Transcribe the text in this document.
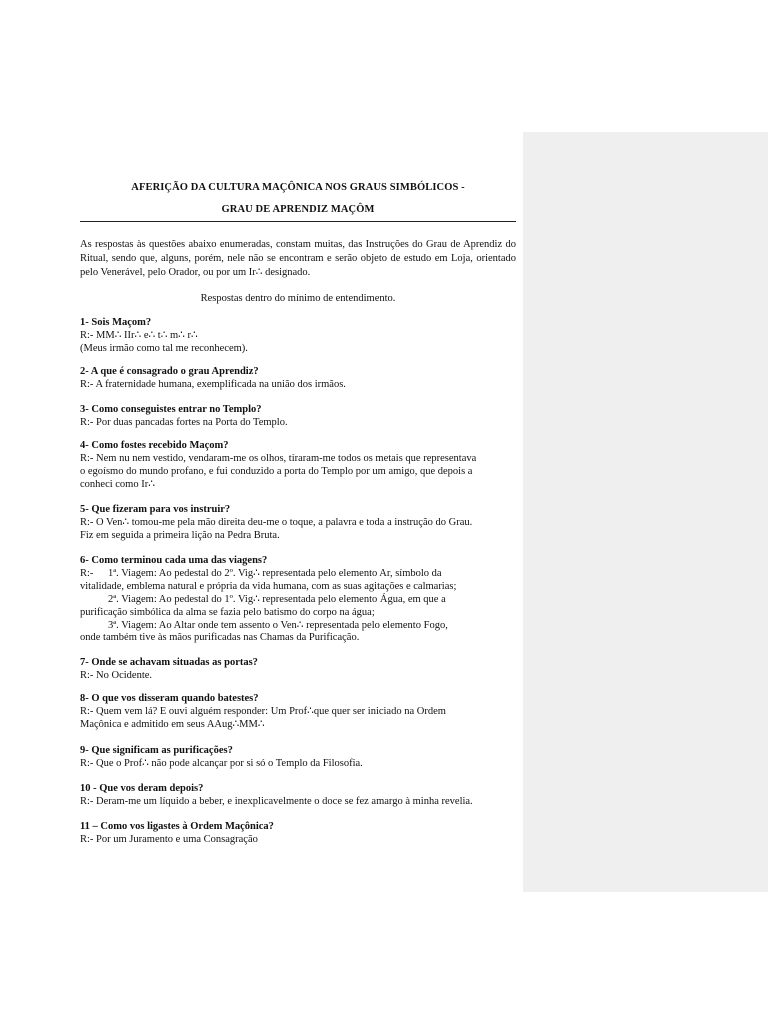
AFERIÇÃO DA CULTURA MAÇÔNICA NOS GRAUS SIMBÓLICOS -
GRAU DE APRENDIZ MAÇÔM

As respostas às questões abaixo enumeradas, constam muitas, das Instruções do Grau de Aprendiz do Ritual, sendo que, alguns, porém, nele não se encontram e serão objeto de estudo em Loja, orientado pelo Venerável, pelo Orador, ou por um Ir∴ designado.

Respostas dentro do mínimo de entendimento.
1- Sois Maçom?
R:- MM∴ IIr∴ e∴ t∴ m∴ r∴
(Meus irmão como tal me reconhecem).
2- A que é consagrado o grau Aprendiz?
R:- A fraternidade humana, exemplificada na união dos irmãos.
3- Como conseguistes entrar no Templo?
R:- Por duas pancadas fortes na Porta do Templo.
4- Como fostes recebido Maçom?
R:- Nem nu nem vestido, vendaram-me os olhos, tiraram-me todos os metais que representava
o egoísmo do mundo profano, e fui conduzido a porta do Templo por um amigo, que depois a
conheci como Ir∴
5- Que fizeram para vos instruir?
R:- O Ven∴ tomou-me pela mão direita deu-me o toque, a palavra e toda a instrução do Grau.
Fiz em seguida a primeira lição na Pedra Bruta.
6- Como terminou cada uma das viagens?
R:- 1ª. Viagem: Ao pedestal do 2º. Vig∴ representada pelo elemento Ar, símbolo da
vitalidade, emblema natural e própria da vida humana, com as suas agitações e calmarias;
2ª. Viagem: Ao pedestal do 1º. Vig∴ representada pelo elemento Água, em que a
purificação simbólica da alma se fazia pelo batismo do corpo na água;
3ª. Viagem: Ao Altar onde tem assento o Ven∴ representada pelo elemento Fogo,
onde também tive às mãos purificadas nas Chamas da Purificação.
7- Onde se achavam situadas as portas?
R:- No Ocidente.
8- O que vos disseram quando batestes?
R:- Quem vem lá? E ouvi alguém responder: Um Prof∴que quer ser iniciado na Ordem
Maçônica e admitido em seus AAug∴MM∴
9- Que significam as purificações?
R:- Que o Prof∴ não pode alcançar por si só o Templo da Filosofia.
10 - Que vos deram depois?
R:- Deram-me um líquido a beber, e inexplicavelmente o doce se fez amargo à minha revelia.
11 – Como vos ligastes à Ordem Maçônica?
R:- Por um Juramento e uma Consagração
